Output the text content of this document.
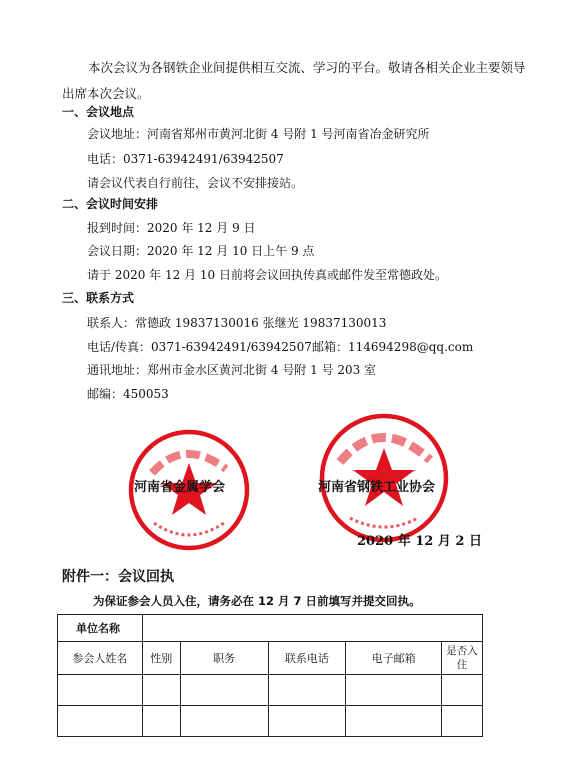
本次会议为各钢铁企业间提供相互交流、学习的平台。敬请各相关企业主要领导
出席本次会议。
一、会议地点
会议地址：河南省郑州市黄河北街 4 号附 1 号河南省冶金研究所
电话：0371-63942491/63942507
请会议代表自行前往，会议不安排接站。
二、会议时间安排
报到时间：2020 年 12 月 9 日
会议日期：2020 年 12 月 10 日上午 9 点
请于 2020 年 12 月 10 日前将会议回执传真或邮件发至常德政处。
三、联系方式
联系人：常德政 19837130016 张继光 19837130013
电话/传真：0371-63942491/63942507 邮箱：114694298@qq.com
通讯地址：郑州市金水区黄河北街 4 号附 1 号 203 室
邮编：450053
河南省金属学会	河南省钢铁工业协会
2020 年 12 月 2 日
附件一：会议回执
为保证参会人员入住，请务必在 12 月 7 日前填写并提交回执。
单位名称					
参会人姓名	性别	职务	联系电话	电子邮箱	是否入住
